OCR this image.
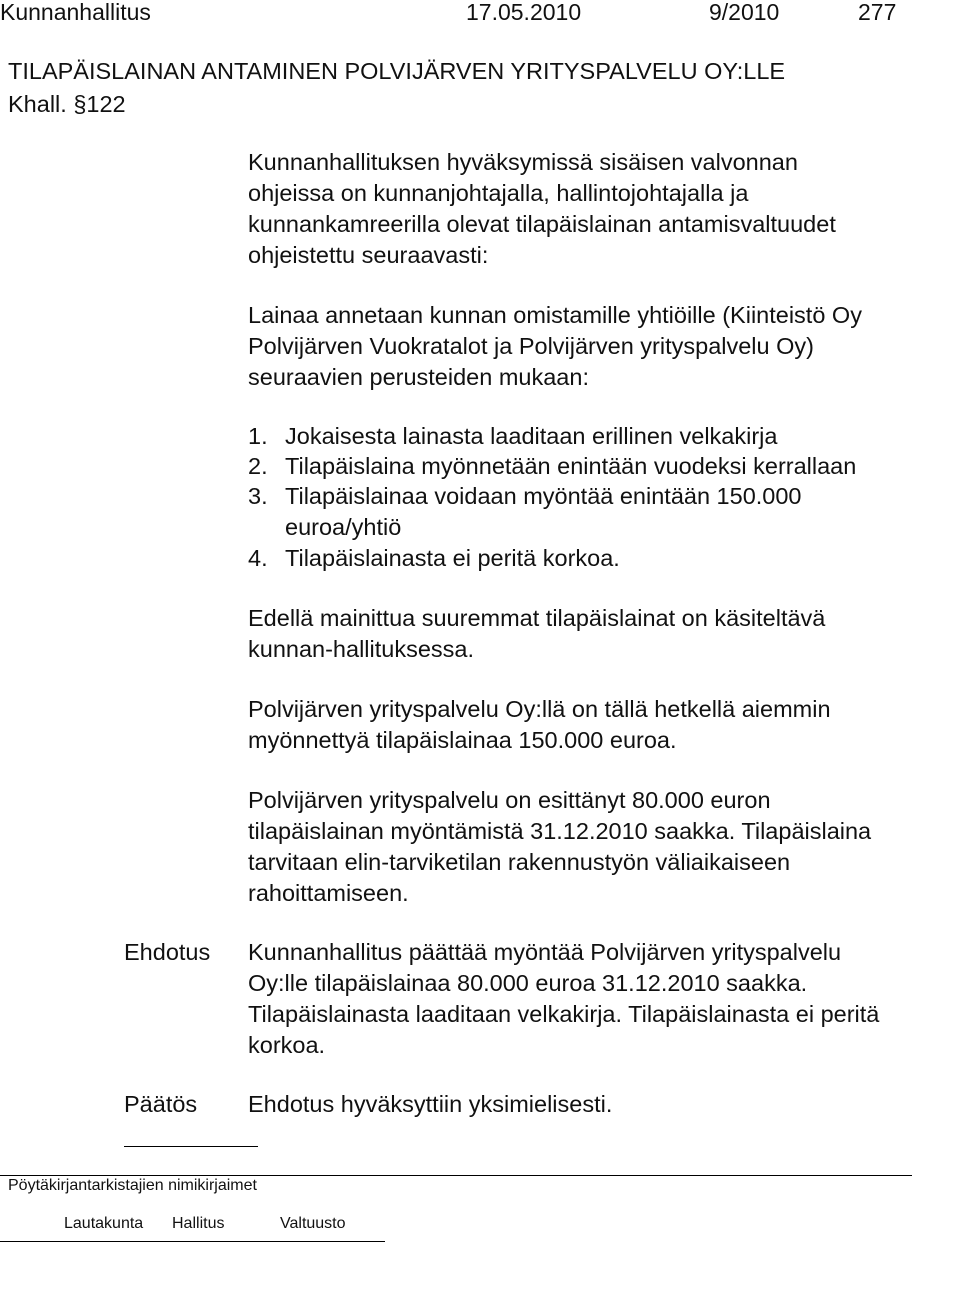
Kunnanhallitus	17.05.2010	9/2010	277
TILAPÄISLAINAN ANTAMINEN POLVIJÄRVEN YRITYSPALVELU OY:LLE
Khall. §122
Kunnanhallituksen hyväksymissä sisäisen valvonnan
ohjeissa on kunnanjohtajalla, hallintojohtajalla ja
kunnankamreerilla olevat tilapäislainan antamisvaltuudet
ohjeistettu seuraavasti:
Lainaa annetaan kunnan omistamille yhtiöille (Kiinteistö Oy
Polvijärven Vuokratalot ja Polvijärven yrityspalvelu Oy)
seuraavien perusteiden mukaan:
1. Jokaisesta lainasta laaditaan erillinen velkakirja
2. Tilapäislaina myönnetään enintään vuodeksi kerrallaan
3. Tilapäislainaa voidaan myöntää enintään 150.000
euroa/yhtiö
4. Tilapäislainasta ei peritä korkoa.
Edellä mainittua suuremmat tilapäislainat on käsiteltävä
kunnan-hallituksessa.
Polvijärven yrityspalvelu Oy:llä on tällä hetkellä aiemmin
myönnettyä tilapäislainaa 150.000 euroa.
Polvijärven yrityspalvelu on esittänyt 80.000 euron
tilapäislainan myöntämistä 31.12.2010 saakka. Tilapäislaina
tarvitaan elin-tarviketilan rakennustyön väliaikaiseen
rahoittamiseen.
Ehdotus Kunnanhallitus päättää myöntää Polvijärven yrityspalvelu
Oy:lle tilapäislainaa 80.000 euroa 31.12.2010 saakka.
Tilapäislainasta laaditaan velkakirja. Tilapäislainasta ei peritä
korkoa.
Päätös Ehdotus hyväksyttiin yksimielisesti.
Pöytäkirjantarkistajien nimikirjaimet
Lautakunta Hallitus	Valtuusto
